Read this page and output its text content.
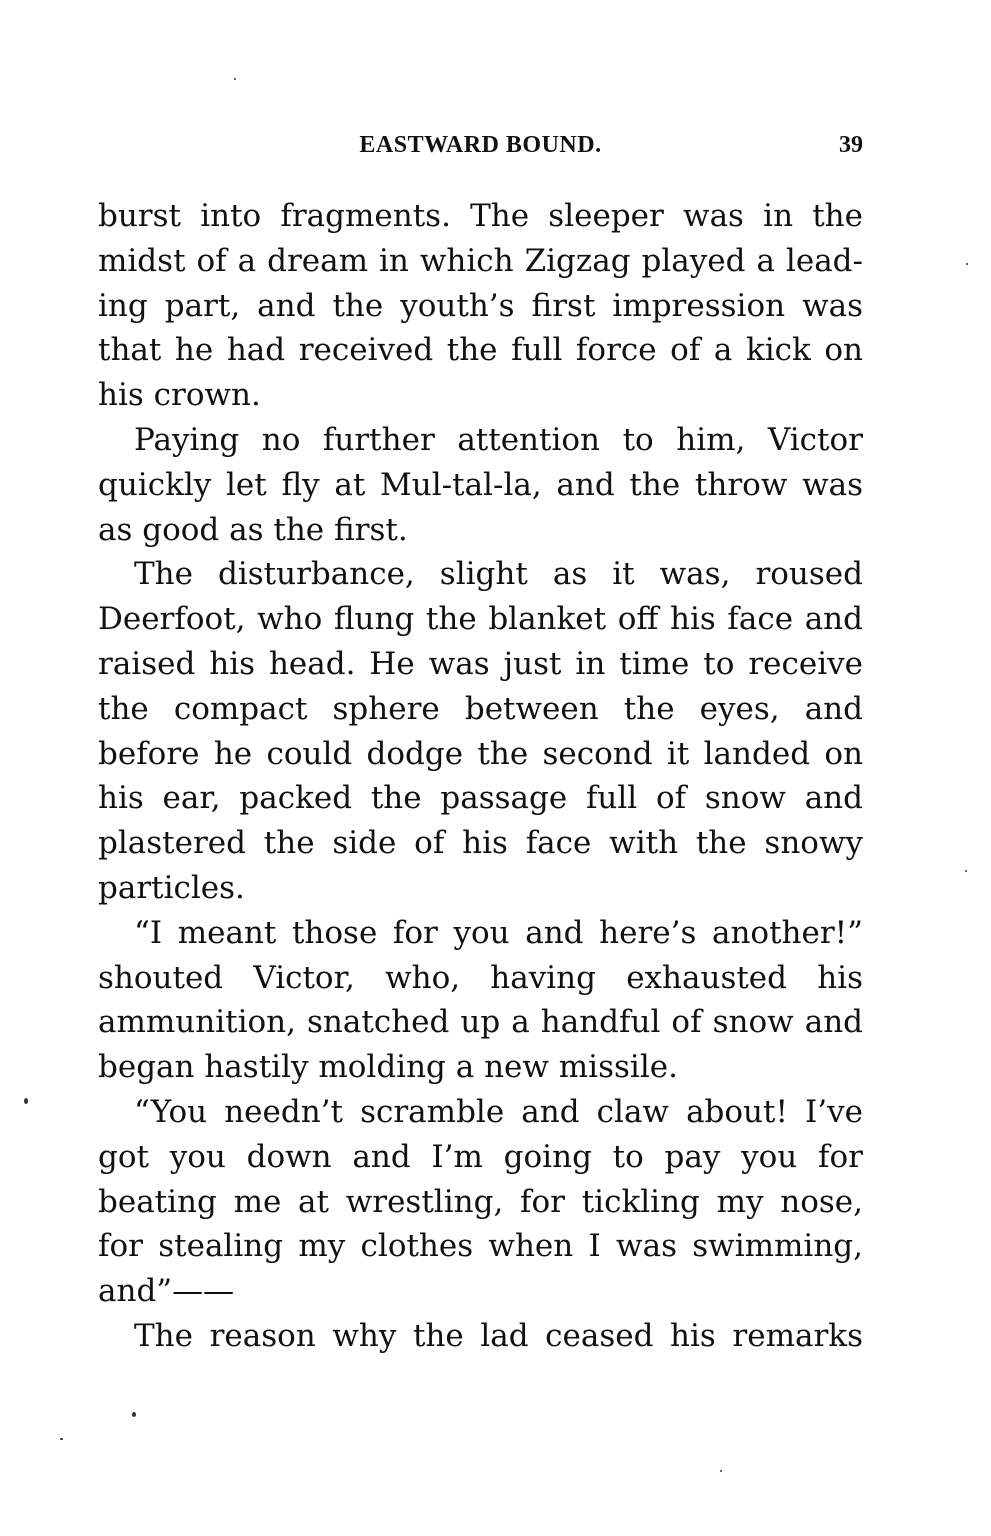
EASTWARD BOUND.	39
burst into fragments. The sleeper was in the
midst of a dream in which Zigzag played a lead-
ing part, and the youth’s first impression was
that he had received the full force of a kick on
his crown.
Paying no further attention to him, Victor
quickly let fly at Mul-tal-la, and the throw was
as good as the first.
The disturbance, slight as it was, roused
Deerfoot, who flung the blanket off his face and
raised his head. He was just in time to receive
the compact sphere between the eyes, and
before he could dodge the second it landed on
his ear, packed the passage full of snow and
plastered the side of his face with the snowy
particles.
“I meant those for you and here’s another!”
shouted Victor, who, having exhausted his
ammunition, snatched up a handful of snow and
began hastily molding a new missile.
“You needn’t scramble and claw about! I’ve
got you down and I’m going to pay you for
beating me at wrestling, for tickling my nose,
for stealing my clothes when I was swimming,
and”——
The reason why the lad ceased his remarks
